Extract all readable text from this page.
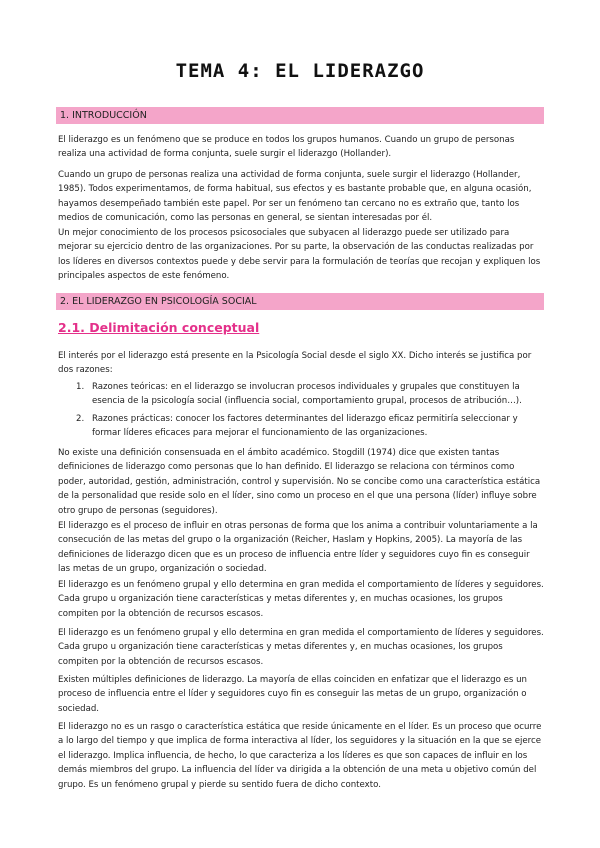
TEMA 4: EL LIDERAZGO
1. INTRODUCCIÓN

El liderazgo es un fenómeno que se produce en todos los grupos humanos. Cuando un grupo de personas realiza una actividad de forma conjunta, suele surgir el liderazgo (Hollander).

Cuando un grupo de personas realiza una actividad de forma conjunta, suele surgir el liderazgo (Hollander, 1985). Todos experimentamos, de forma habitual, sus efectos y es bastante probable que, en alguna ocasión, hayamos desempeñado también este papel. Por ser un fenómeno tan cercano no es extraño que, tanto los medios de comunicación, como las personas en general, se sientan interesadas por él.

Un mejor conocimiento de los procesos psicosociales que subyacen al liderazgo puede ser utilizado para mejorar su ejercicio dentro de las organizaciones. Por su parte, la observación de las conductas realizadas por los líderes en diversos contextos puede y debe servir para la formulación de teorías que recojan y expliquen los principales aspectos de este fenómeno.

2. EL LIDERAZGO EN PSICOLOGÍA SOCIAL
2.1. Delimitación conceptual

El interés por el liderazgo está presente en la Psicología Social desde el siglo XX. Dicho interés se justifica por dos razones:

1. Razones teóricas: en el liderazgo se involucran procesos individuales y grupales que constituyen la esencia de la psicología social (influencia social, comportamiento grupal, procesos de atribución…).
2. Razones prácticas: conocer los factores determinantes del liderazgo eficaz permitiría seleccionar y formar líderes eficaces para mejorar el funcionamiento de las organizaciones.

No existe una definición consensuada en el ámbito académico. Stogdill (1974) dice que existen tantas definiciones de liderazgo como personas que lo han definido. El liderazgo se relaciona con términos como poder, autoridad, gestión, administración, control y supervisión. No se concibe como una característica estática de la personalidad que reside solo en el líder, sino como un proceso en el que una persona (líder) influye sobre otro grupo de personas (seguidores).

El liderazgo es el proceso de influir en otras personas de forma que los anima a contribuir voluntariamente a la consecución de las metas del grupo o la organización (Reicher, Haslam y Hopkins, 2005). La mayoría de las definiciones de liderazgo dicen que es un proceso de influencia entre líder y seguidores cuyo fin es conseguir las metas de un grupo, organización o sociedad.

El liderazgo es un fenómeno grupal y ello determina en gran medida el comportamiento de líderes y seguidores. Cada grupo u organización tiene características y metas diferentes y, en muchas ocasiones, los grupos compiten por la obtención de recursos escasos.

El liderazgo es un fenómeno grupal y ello determina en gran medida el comportamiento de líderes y seguidores. Cada grupo u organización tiene características y metas diferentes y, en muchas ocasiones, los grupos compiten por la obtención de recursos escasos.

Existen múltiples definiciones de liderazgo. La mayoría de ellas coinciden en enfatizar que el liderazgo es un proceso de influencia entre el líder y seguidores cuyo fin es conseguir las metas de un grupo, organización o sociedad.

El liderazgo no es un rasgo o característica estática que reside únicamente en el líder. Es un proceso que ocurre a lo largo del tiempo y que implica de forma interactiva al líder, los seguidores y la situación en la que se ejerce el liderazgo. Implica influencia, de hecho, lo que caracteriza a los líderes es que son capaces de influir en los demás miembros del grupo. La influencia del líder va dirigida a la obtención de una meta u objetivo común del grupo. Es un fenómeno grupal y pierde su sentido fuera de dicho contexto.
